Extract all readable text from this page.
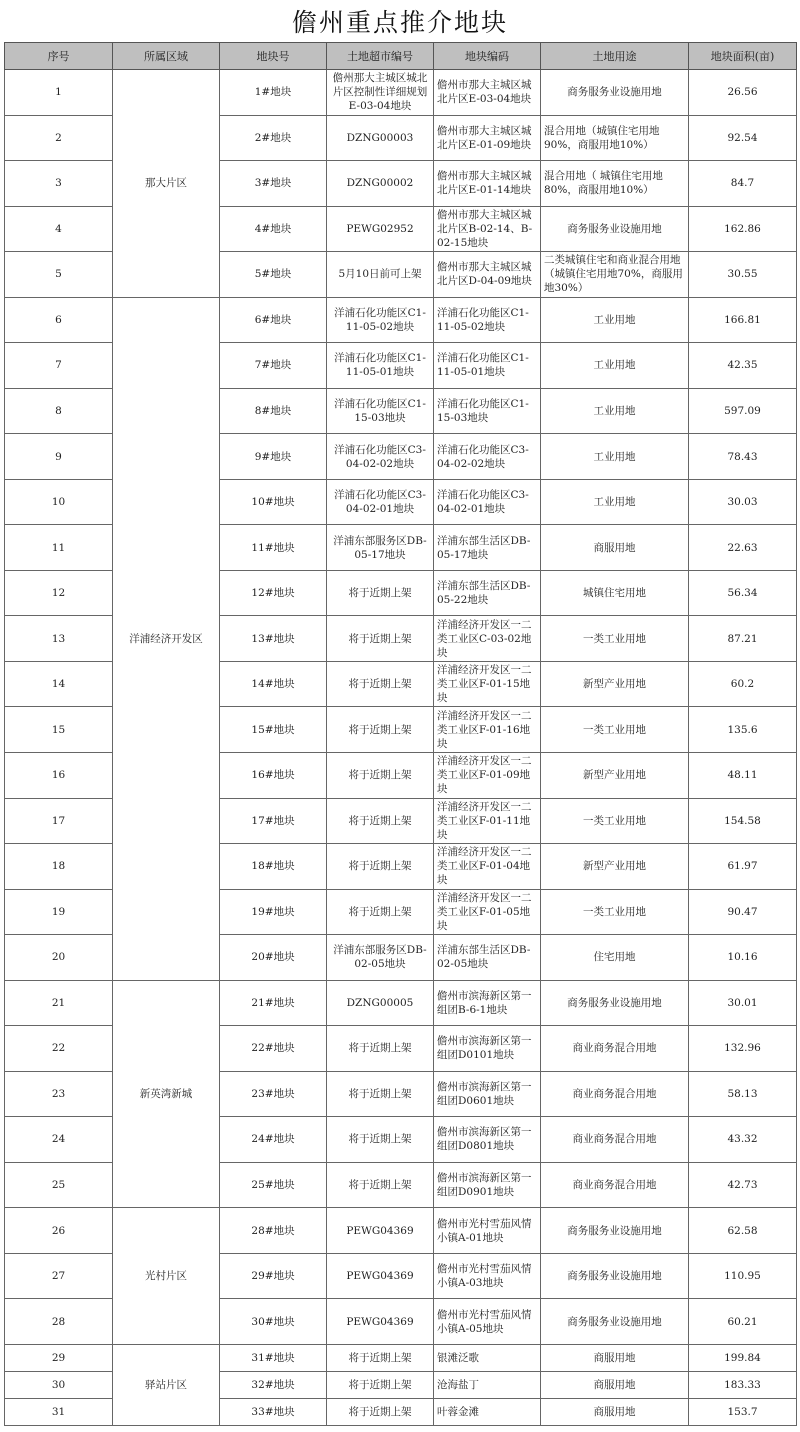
儋州重点推介地块
序号	所属区域	地块号	土地超市编号	地块编码	土地用途	地块面积(亩)
1	那大片区	1#地块	儋州那大主城区城北片区控制性详细规划E-03-04地块	儋州市那大主城区城北片区E-03-04地块	商务服务业设施用地	26.56
2		2#地块	DZNG00003	儋州市那大主城区城北片区E-01-09地块	混合用地（城镇住宅用地90%，商服用地10%）	92.54
3		3#地块	DZNG00002	儋州市那大主城区城北片区E-01-14地块	混合用地（ 城镇住宅用地80%，商服用地10%）	84.7
4		4#地块	PEWG02952	儋州市那大主城区城北片区B-02-14、B-02-15地块	商务服务业设施用地	162.86
5		5#地块	5月10日前可上架	儋州市那大主城区城北片区D-04-09地块	二类城镇住宅和商业混合用地（城镇住宅用地70%，商服用地30%）	30.55
6	洋浦经济开发区	6#地块	洋浦石化功能区C1-11-05-02地块	洋浦石化功能区C1-11-05-02地块	工业用地	166.81
7		7#地块	洋浦石化功能区C1-11-05-01地块	洋浦石化功能区C1-11-05-01地块	工业用地	42.35
8		8#地块	洋浦石化功能区C1-15-03地块	洋浦石化功能区C1-15-03地块	工业用地	597.09
9		9#地块	洋浦石化功能区C3-04-02-02地块	洋浦石化功能区C3-04-02-02地块	工业用地	78.43
10		10#地块	洋浦石化功能区C3-04-02-01地块	洋浦石化功能区C3-04-02-01地块	工业用地	30.03
11		11#地块	洋浦东部服务区DB-05-17地块	洋浦东部生活区DB-05-17地块	商服用地	22.63
12		12#地块	将于近期上架	洋浦东部生活区DB-05-22地块	城镇住宅用地	56.34
13		13#地块	将于近期上架	洋浦经济开发区一二类工业区C-03-02地块	一类工业用地	87.21
14		14#地块	将于近期上架	洋浦经济开发区一二类工业区F-01-15地块	新型产业用地	60.2
15		15#地块	将于近期上架	洋浦经济开发区一二类工业区F-01-16地块	一类工业用地	135.6
16		16#地块	将于近期上架	洋浦经济开发区一二类工业区F-01-09地块	新型产业用地	48.11
17		17#地块	将于近期上架	洋浦经济开发区一二类工业区F-01-11地块	一类工业用地	154.58
18		18#地块	将于近期上架	洋浦经济开发区一二类工业区F-01-04地块	新型产业用地	61.97
19		19#地块	将于近期上架	洋浦经济开发区一二类工业区F-01-05地块	一类工业用地	90.47
20		20#地块	洋浦东部服务区DB-02-05地块	洋浦东部生活区DB-02-05地块	住宅用地	10.16
21	新英湾新城	21#地块	DZNG00005	儋州市滨海新区第一组团B-6-1地块	商务服务业设施用地	30.01
22		22#地块	将于近期上架	儋州市滨海新区第一组团D0101地块	商业商务混合用地	132.96
23		23#地块	将于近期上架	儋州市滨海新区第一组团D0601地块	商业商务混合用地	58.13
24		24#地块	将于近期上架	儋州市滨海新区第一组团D0801地块	商业商务混合用地	43.32
25		25#地块	将于近期上架	儋州市滨海新区第一组团D0901地块	商业商务混合用地	42.73
26	光村片区	28#地块	PEWG04369	儋州市光村雪茄风情小镇A-01地块	商务服务业设施用地	62.58
27		29#地块	PEWG04369	儋州市光村雪茄风情小镇A-03地块	商务服务业设施用地	110.95
28		30#地块	PEWG04369	儋州市光村雪茄风情小镇A-05地块	商务服务业设施用地	60.21
29	驿站片区	31#地块	将于近期上架	银滩泛歌	商服用地	199.84
30		32#地块	将于近期上架	沧海盐丁	商服用地	183.33
31		33#地块	将于近期上架	叶蓉金滩	商服用地	153.7
